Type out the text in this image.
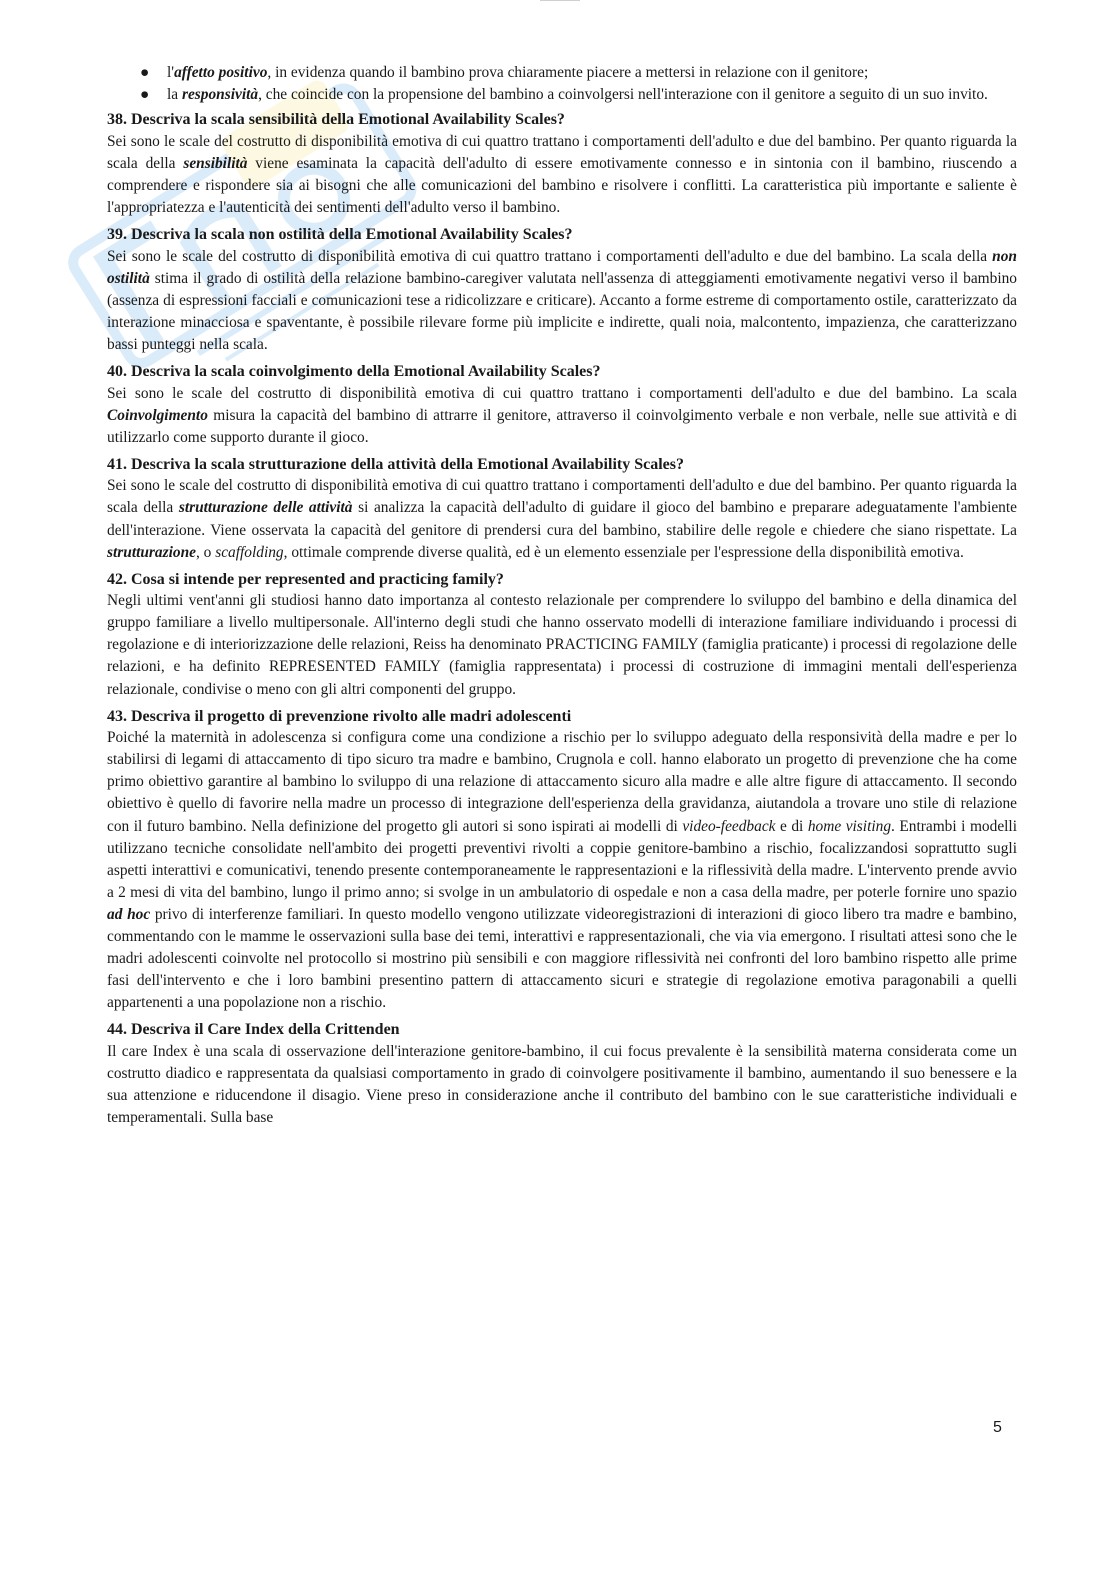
● l'affetto positivo, in evidenza quando il bambino prova chiaramente piacere a mettersi in relazione con il genitore;
● la responsività, che coincide con la propensione del bambino a coinvolgersi nell'interazione con il genitore a seguito di un suo invito.
38. Descriva la scala sensibilità della Emotional Availability Scales?

Sei sono le scale del costrutto di disponibilità emotiva di cui quattro trattano i comportamenti dell'adulto e due del bambino. Per quanto riguarda la scala della sensibilità viene esaminata la capacità dell'adulto di essere emotivamente connesso e in sintonia con il bambino, riuscendo a comprendere e rispondere sia ai bisogni che alle comunicazioni del bambino e risolvere i conflitti. La caratteristica più importante e saliente è l'appropriatezza e l'autenticità dei sentimenti dell'adulto verso il bambino.

39. Descriva la scala non ostilità della Emotional Availability Scales?

Sei sono le scale del costrutto di disponibilità emotiva di cui quattro trattano i comportamenti dell'adulto e due del bambino. La scala della non ostilità stima il grado di ostilità della relazione bambino-caregiver valutata nell'assenza di atteggiamenti emotivamente negativi verso il bambino (assenza di espressioni facciali e comunicazioni tese a ridicolizzare e criticare). Accanto a forme estreme di comportamento ostile, caratterizzato da interazione minacciosa e spaventante, è possibile rilevare forme più implicite e indirette, quali noia, malcontento, impazienza, che caratterizzano bassi punteggi nella scala.

40. Descriva la scala coinvolgimento della Emotional Availability Scales?

Sei sono le scale del costrutto di disponibilità emotiva di cui quattro trattano i comportamenti dell'adulto e due del bambino. La scala Coinvolgimento misura la capacità del bambino di attrarre il genitore, attraverso il coinvolgimento verbale e non verbale, nelle sue attività e di utilizzarlo come supporto durante il gioco.

41. Descriva la scala strutturazione della attività della Emotional Availability Scales?

Sei sono le scale del costrutto di disponibilità emotiva di cui quattro trattano i comportamenti dell'adulto e due del bambino. Per quanto riguarda la scala della strutturazione delle attività si analizza la capacità dell'adulto di guidare il gioco del bambino e preparare adeguatamente l'ambiente dell'interazione. Viene osservata la capacità del genitore di prendersi cura del bambino, stabilire delle regole e chiedere che siano rispettate. La strutturazione, o scaffolding, ottimale comprende diverse qualità, ed è un elemento essenziale per l'espressione della disponibilità emotiva.

42. Cosa si intende per represented and practicing family?

Negli ultimi vent'anni gli studiosi hanno dato importanza al contesto relazionale per comprendere lo sviluppo del bambino e della dinamica del gruppo familiare a livello multipersonale. All'interno degli studi che hanno osservato modelli di interazione familiare individuando i processi di regolazione e di interiorizzazione delle relazioni, Reiss ha denominato PRACTICING FAMILY (famiglia praticante) i processi di regolazione delle relazioni, e ha definito REPRESENTED FAMILY (famiglia rappresentata) i processi di costruzione di immagini mentali dell'esperienza relazionale, condivise o meno con gli altri componenti del gruppo.

43. Descriva il progetto di prevenzione rivolto alle madri adolescenti

Poiché la maternità in adolescenza si configura come una condizione a rischio per lo sviluppo adeguato della responsività della madre e per lo stabilirsi di legami di attaccamento di tipo sicuro tra madre e bambino, Crugnola e coll. hanno elaborato un progetto di prevenzione che ha come primo obiettivo garantire al bambino lo sviluppo di una relazione di attaccamento sicuro alla madre e alle altre figure di attaccamento. Il secondo obiettivo è quello di favorire nella madre un processo di integrazione dell'esperienza della gravidanza, aiutandola a trovare uno stile di relazione con il futuro bambino. Nella definizione del progetto gli autori si sono ispirati ai modelli di video-feedback e di home visiting. Entrambi i modelli utilizzano tecniche consolidate nell'ambito dei progetti preventivi rivolti a coppie genitore-bambino a rischio, focalizzandosi soprattutto sugli aspetti interattivi e comunicativi, tenendo presente contemporaneamente le rappresentazioni e la riflessività della madre. L'intervento prende avvio a 2 mesi di vita del bambino, lungo il primo anno; si svolge in un ambulatorio di ospedale e non a casa della madre, per poterle fornire uno spazio ad hoc privo di interferenze familiari. In questo modello vengono utilizzate videoregistrazioni di interazioni di gioco libero tra madre e bambino, commentando con le mamme le osservazioni sulla base dei temi, interattivi e rappresentazionali, che via via emergono. I risultati attesi sono che le madri adolescenti coinvolte nel protocollo si mostrino più sensibili e con maggiore riflessività nei confronti del loro bambino rispetto alle prime fasi dell'intervento e che i loro bambini presentino pattern di attaccamento sicuri e strategie di regolazione emotiva paragonabili a quelli appartenenti a una popolazione non a rischio.

44. Descriva il Care Index della Crittenden

Il care Index è una scala di osservazione dell'interazione genitore-bambino, il cui focus prevalente è la sensibilità materna considerata come un costrutto diadico e rappresentata da qualsiasi comportamento in grado di coinvolgere positivamente il bambino, aumentando il suo benessere e la sua attenzione e riducendone il disagio. Viene preso in considerazione anche il contributo del bambino con le sue caratteristiche individuali e temperamentali. Sulla base

5
